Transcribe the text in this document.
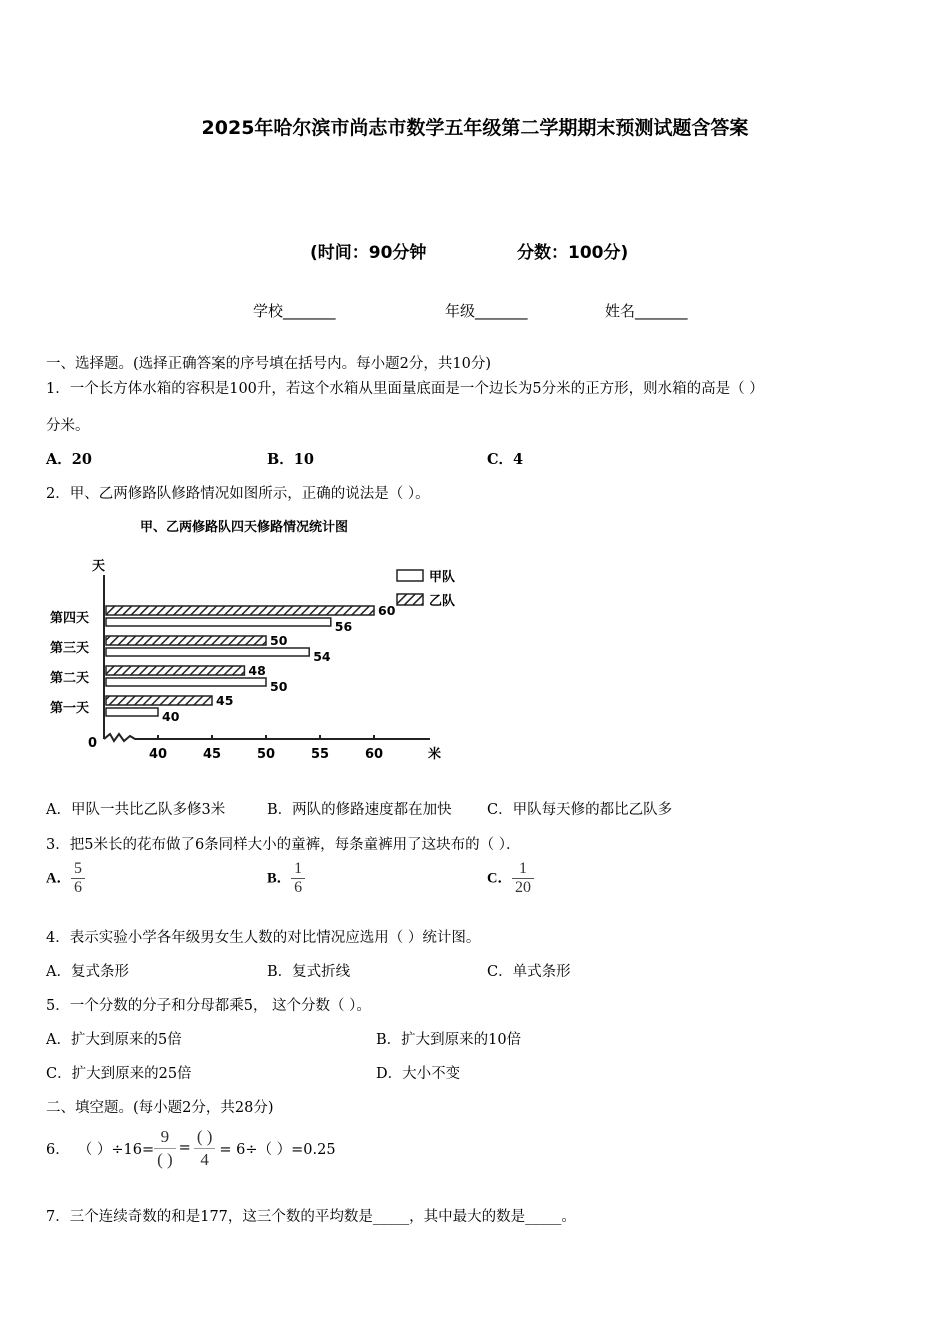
2025年哈尔滨市尚志市数学五年级第二学期期末预测试题含答案
(时间：90分钟	分数：100分)
学校_______	年级_______	姓名_______
一、选择题。(选择正确答案的序号填在括号内。每小题2分，共10分)
1．一个长方体水箱的容积是100升，若这个水箱从里面量底面是一个边长为5分米的正方形，则水箱的高是（ ）
分米。
A．20	B．10	C．4
2．甲、乙两修路队修路情况如图所示，正确的说法是（ ）。
甲、乙两修路队四天修路情况统计图
天
0
米
40	45	50	55	60
第一天
第二天
第三天
第四天
45
40
48
50
50
54
60
56
甲队
乙队
A．甲队一共比乙队多修3米	B．两队的修路速度都在加快 C．甲队每天修的都比乙队多
3．把5米长的花布做了6条同样大小的童裤，每条童裤用了这块布的（ ）．
A． $\frac{5}{6}$	B． $\frac{1}{6}$	C． $\frac{1}{20}$
4．表示实验小学各年级男女生人数的对比情况应选用（ ）统计图。
A．复式条形	B．复式折线	C．单式条形
5．一个分数的分子和分母都乘5， 这个分数（ ）。
A．扩大到原来的5倍	B．扩大到原来的10倍
C．扩大到原来的25倍	D．大小不变
二、填空题。(每小题2分，共28分)
6． （ ）$\div 16= \frac{9}{( )} = \frac{( )}{4} = 6\div$（ ）=0.25
7．三个连续奇数的和是177，这三个数的平均数是_____，其中最大的数是_____。
